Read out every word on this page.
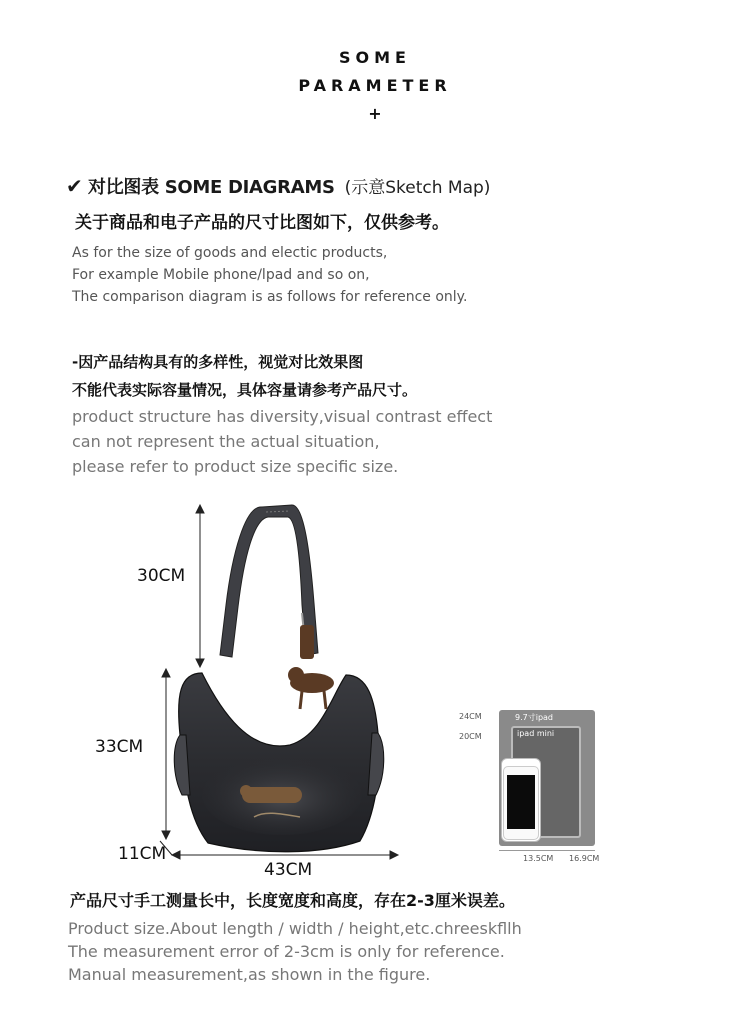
SOME
PARAMETER
+
✔ 对比图表 SOME DIAGRAMS (示意Sketch Map)
关于商品和电子产品的尺寸比图如下，仅供参考。
As for the size of goods and electic products,
For example Mobile phone/lpad and so on,
The comparison diagram is as follows for reference only.
-因产品结构具有的多样性，视觉对比效果图
不能代表实际容量情况，具体容量请参考产品尺寸。
product structure has diversity,visual contrast effect
can not represent the actual situation,
please refer to product size specific size.
30CM
33CM
11CM
43CM
24CM
20CM
9.7寸ipad
ipad mini
13.5CM 16.9CM
产品尺寸手工测量长中，长度宽度和高度，存在2-3厘米误差。
Product size.About length / width / height,etc.chreeskfllh
The measurement error of 2-3cm is only for reference.
Manual measurement,as shown in the figure.
